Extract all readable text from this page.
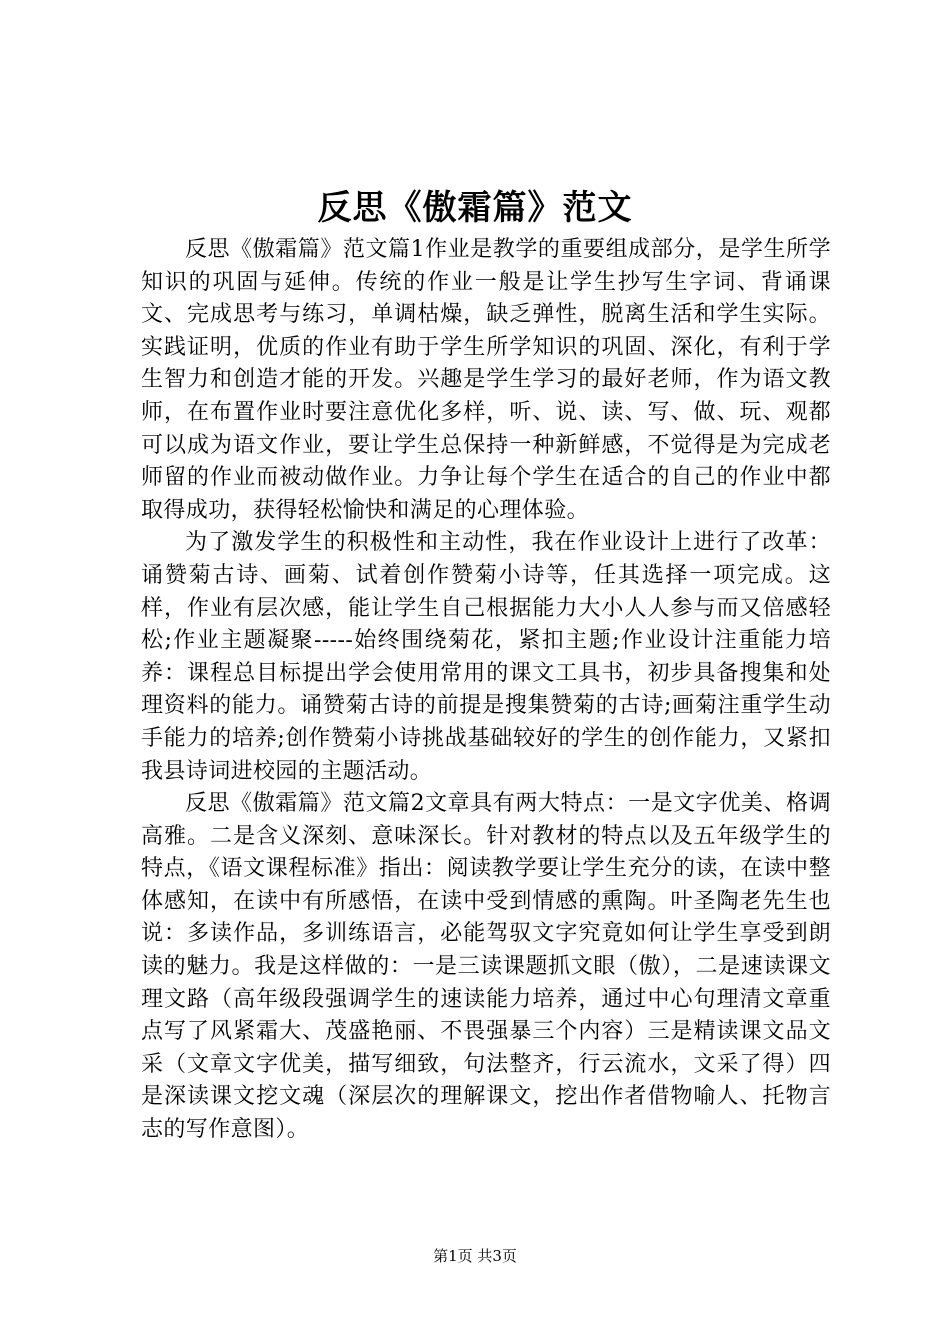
反思《傲霜篇》范文

反思《傲霜篇》范文篇1作业是教学的重要组成部分，是学生所学知识的巩固与延伸。传统的作业一般是让学生抄写生字词、背诵课文、完成思考与练习，单调枯燥，缺乏弹性，脱离生活和学生实际。实践证明，优质的作业有助于学生所学知识的巩固、深化，有利于学生智力和创造才能的开发。兴趣是学生学习的最好老师，作为语文教师，在布置作业时要注意优化多样，听、说、读、写、做、玩、观都可以成为语文作业，要让学生总保持一种新鲜感，不觉得是为完成老师留的作业而被动做作业。力争让每个学生在适合的自己的作业中都取得成功，获得轻松愉快和满足的心理体验。

为了激发学生的积极性和主动性，我在作业设计上进行了改革：诵赞菊古诗、画菊、试着创作赞菊小诗等，任其选择一项完成。这样，作业有层次感，能让学生自己根据能力大小人人参与而又倍感轻松;作业主题凝聚-----始终围绕菊花，紧扣主题;作业设计注重能力培养：课程总目标提出学会使用常用的课文工具书，初步具备搜集和处理资料的能力。诵赞菊古诗的前提是搜集赞菊的古诗;画菊注重学生动手能力的培养;创作赞菊小诗挑战基础较好的学生的创作能力，又紧扣我县诗词进校园的主题活动。

反思《傲霜篇》范文篇2文章具有两大特点：一是文字优美、格调高雅。二是含义深刻、意味深长。针对教材的特点以及五年级学生的特点，《语文课程标准》指出：阅读教学要让学生充分的读，在读中整体感知，在读中有所感悟，在读中受到情感的熏陶。叶圣陶老先生也说：多读作品，多训练语言，必能驾驭文字究竟如何让学生享受到朗读的魅力。我是这样做的：一是三读课题抓文眼（傲），二是速读课文理文路（高年级段强调学生的速读能力培养，通过中心句理清文章重点写了风紧霜大、茂盛艳丽、不畏强暴三个内容）三是精读课文品文采（文章文字优美，描写细致，句法整齐，行云流水，文采了得）四是深读课文挖文魂（深层次的理解课文，挖出作者借物喻人、托物言志的写作意图）。

第1页 共3页
